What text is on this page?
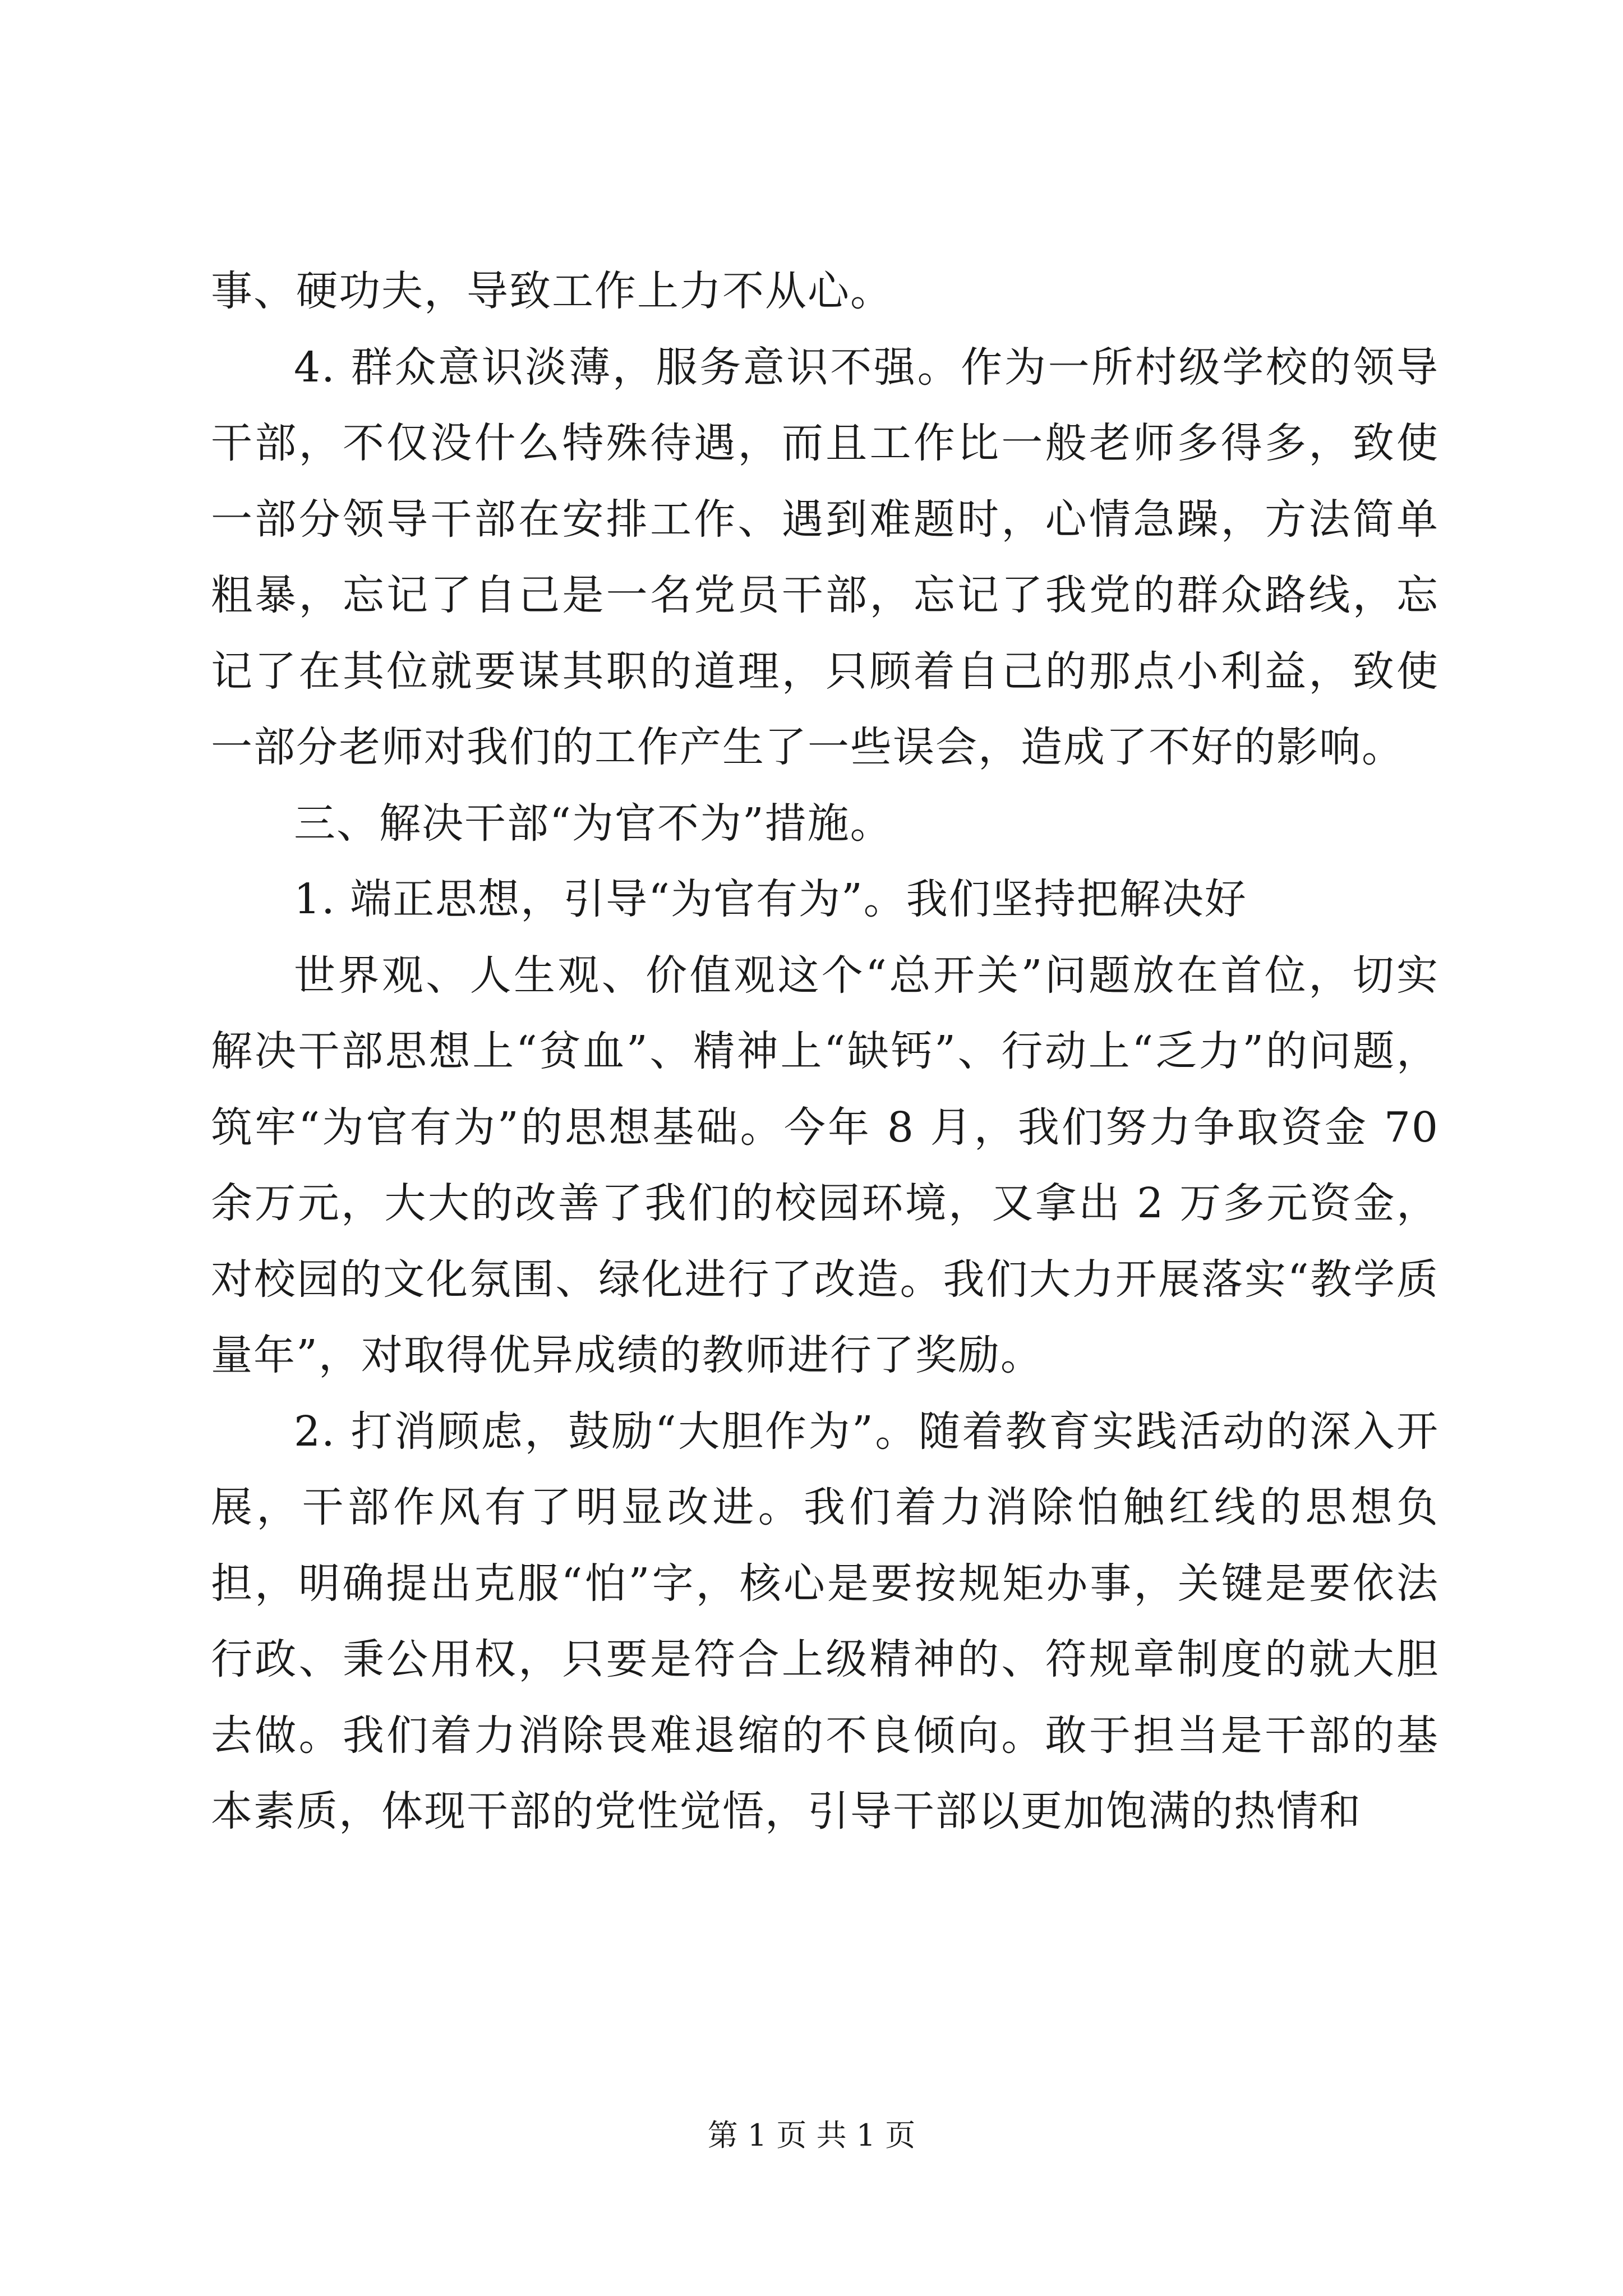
事、硬功夫，导致工作上力不从心。

4. 群众意识淡薄，服务意识不强。作为一所村级学校的领导干部，不仅没什么特殊待遇，而且工作比一般老师多得多，致使一部分领导干部在安排工作、遇到难题时，心情急躁，方法简单粗暴，忘记了自己是一名党员干部，忘记了我党的群众路线，忘记了在其位就要谋其职的道理，只顾着自己的那点小利益，致使一部分老师对我们的工作产生了一些误会，造成了不好的影响。

三、解决干部“为官不为”措施。

1. 端正思想，引导“为官有为”。我们坚持把解决好

世界观、人生观、价值观这个“总开关”问题放在首位，切实解决干部思想上“贫血”、精神上“缺钙”、行动上“乏力”的问题，筑牢“为官有为”的思想基础。今年 8 月，我们努力争取资金 70 余万元，大大的改善了我们的校园环境，又拿出 2 万多元资金，对校园的文化氛围、绿化进行了改造。我们大力开展落实“教学质量年”，对取得优异成绩的教师进行了奖励。

2. 打消顾虑，鼓励“大胆作为”。随着教育实践活动的深入开展，干部作风有了明显改进。我们着力消除怕触红线的思想负担，明确提出克服“怕”字，核心是要按规矩办事，关键是要依法行政、秉公用权，只要是符合上级精神的、符规章制度的就大胆去做。我们着力消除畏难退缩的不良倾向。敢于担当是干部的基本素质，体现干部的党性觉悟，引导干部以更加饱满的热情和

第 1 页 共 1 页
